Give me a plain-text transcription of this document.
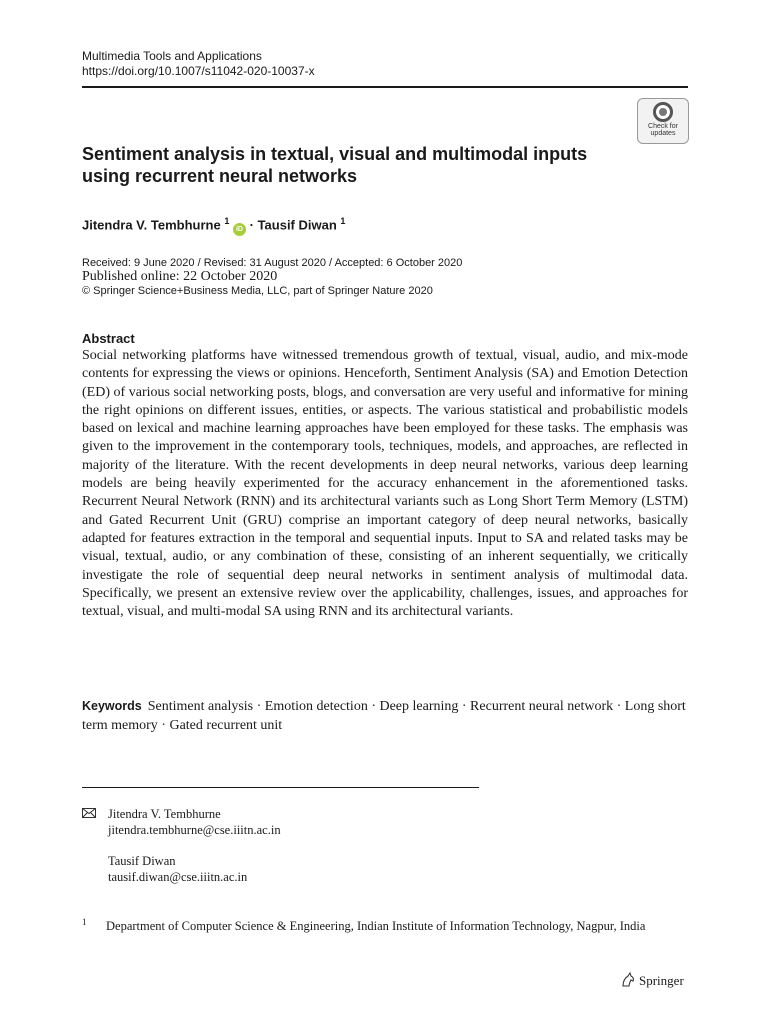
Multimedia Tools and Applications
https://doi.org/10.1007/s11042-020-10037-x
Check for
updates
Sentiment analysis in textual, visual and multimodal inputs using recurrent neural networks
Jitendra V. Tembhurne $^1$ iD · Tausif Diwan $^1$
Received: 9 June 2020 / Revised: 31 August 2020 / Accepted: 6 October 2020
Published online: 22 October 2020
© Springer Science+Business Media, LLC, part of Springer Nature 2020
Abstract
Social networking platforms have witnessed tremendous growth of textual, visual, audio, and mix-mode contents for expressing the views or opinions. Henceforth, Sentiment Analysis (SA) and Emotion Detection (ED) of various social networking posts, blogs, and conversation are very useful and informative for mining the right opinions on different issues, entities, or aspects. The various statistical and probabilistic models based on lexical and machine learning approaches have been employed for these tasks. The emphasis was given to the improvement in the contemporary tools, techniques, models, and approaches, are reflected in majority of the literature. With the recent developments in deep neural networks, various deep learning models are being heavily experimented for the accuracy enhancement in the aforementioned tasks. Recurrent Neural Network (RNN) and its architectural variants such as Long Short Term Memory (LSTM) and Gated Recurrent Unit (GRU) comprise an important category of deep neural networks, basically adapted for features extraction in the temporal and sequential inputs. Input to SA and related tasks may be visual, textual, audio, or any combination of these, consisting of an inherent sequentially, we critically investigate the role of sequential deep neural networks in sentiment analysis of multimodal data. Specifically, we present an extensive review over the applicability, challenges, issues, and approaches for textual, visual, and multi-modal SA using RNN and its architectural variants.
Keywords Sentiment analysis · Emotion detection · Deep learning · Recurrent neural network · Long short term memory · Gated recurrent unit
Jitendra V. Tembhurne
jitendra.tembhurne@cse.iiitn.ac.in
Tausif Diwan
tausif.diwan@cse.iiitn.ac.in
1 Department of Computer Science & Engineering, Indian Institute of Information Technology, Nagpur, India
Springer
